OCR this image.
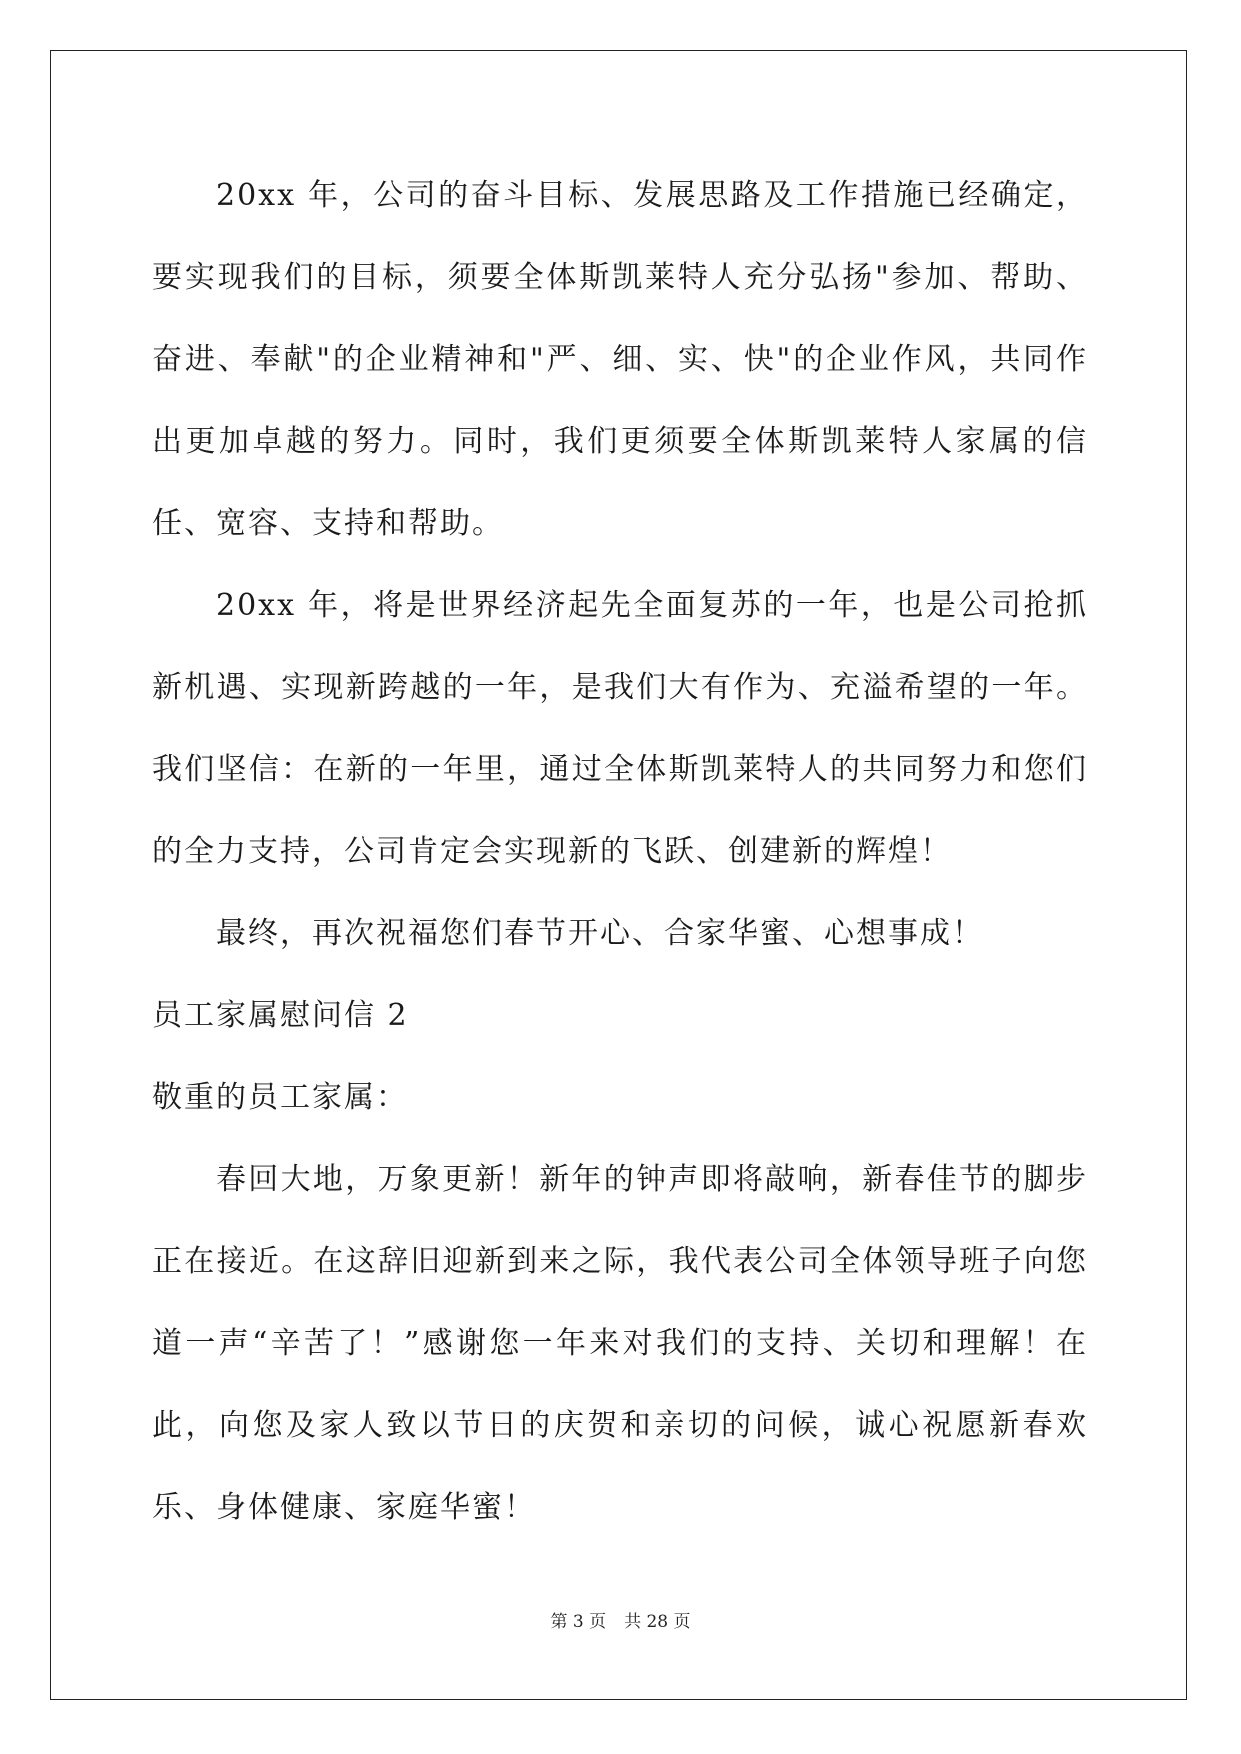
20xx 年，公司的奋斗目标、发展思路及工作措施已经确定，要实现我们的目标，须要全体斯凯莱特人充分弘扬"参加、帮助、奋进、奉献"的企业精神和"严、细、实、快"的企业作风，共同作出更加卓越的努力。同时，我们更须要全体斯凯莱特人家属的信任、宽容、支持和帮助。

20xx 年，将是世界经济起先全面复苏的一年，也是公司抢抓新机遇、实现新跨越的一年，是我们大有作为、充溢希望的一年。我们坚信：在新的一年里，通过全体斯凯莱特人的共同努力和您们的全力支持，公司肯定会实现新的飞跃、创建新的辉煌！

最终，再次祝福您们春节开心、合家华蜜、心想事成！

员工家属慰问信 2

敬重的员工家属：

春回大地，万象更新！新年的钟声即将敲响，新春佳节的脚步正在接近。在这辞旧迎新到来之际，我代表公司全体领导班子向您道一声“辛苦了！”感谢您一年来对我们的支持、关切和理解！在此，向您及家人致以节日的庆贺和亲切的问候，诚心祝愿新春欢乐、身体健康、家庭华蜜！

第 3 页 共 28 页
